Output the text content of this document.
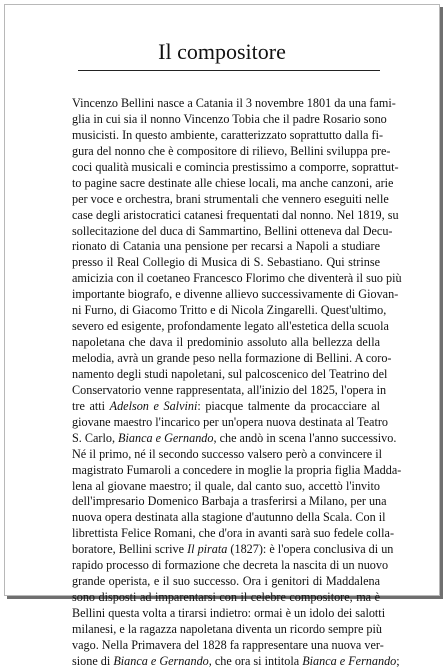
Il compositore
Vincenzo Bellini nasce a Catania il 3 novembre 1801 da una fami-
glia in cui sia il nonno Vincenzo Tobia che il padre Rosario sono
musicisti. In questo ambiente, caratterizzato soprattutto dalla fi-
gura del nonno che è compositore di rilievo, Bellini sviluppa pre-
coci qualità musicali e comincia prestissimo a comporre, soprattut-
to pagine sacre destinate alle chiese locali, ma anche canzoni, arie
per voce e orchestra, brani strumentali che vennero eseguiti nelle
case degli aristocratici catanesi frequentati dal nonno. Nel 1819, su
sollecitazione del duca di Sammartino, Bellini otteneva dal Decu-
rionato di Catania una pensione per recarsi a Napoli a studiare
presso il Real Collegio di Musica di S. Sebastiano. Qui strinse
amicizia con il coetaneo Francesco Florimo che diventerà il suo più
importante biografo, e divenne allievo successivamente di Giovan-
ni Furno, di Giacomo Tritto e di Nicola Zingarelli. Quest'ultimo,
severo ed esigente, profondamente legato all'estetica della scuola
napoletana che dava il predominio assoluto alla bellezza della
melodia, avrà un grande peso nella formazione di Bellini. A coro-
namento degli studi napoletani, sul palcoscenico del Teatrino del
Conservatorio venne rappresentata, all'inizio del 1825, l'opera in
tre atti Adelson e Salvini: piacque talmente da procacciare al
giovane maestro l'incarico per un'opera nuova destinata al Teatro
S. Carlo, Bianca e Gernando, che andò in scena l'anno successivo.
Né il primo, né il secondo successo valsero però a convincere il
magistrato Fumaroli a concedere in moglie la propria figlia Madda-
lena al giovane maestro; il quale, dal canto suo, accettò l'invito
dell'impresario Domenico Barbaja a trasferirsi a Milano, per una
nuova opera destinata alla stagione d'autunno della Scala. Con il
librettista Felice Romani, che d'ora in avanti sarà suo fedele colla-
boratore, Bellini scrive Il pirata (1827): è l'opera conclusiva di un
rapido processo di formazione che decreta la nascita di un nuovo
grande operista, e il suo successo. Ora i genitori di Maddalena
sono disposti ad imparentarsi con il celebre compositore, ma è
Bellini questa volta a tirarsi indietro: ormai è un idolo dei salotti
milanesi, e la ragazza napoletana diventa un ricordo sempre più
vago. Nella Primavera del 1828 fa rappresentare una nuova ver-
sione di Bianca e Gernando, che ora si intitola Bianca e Fernando;
